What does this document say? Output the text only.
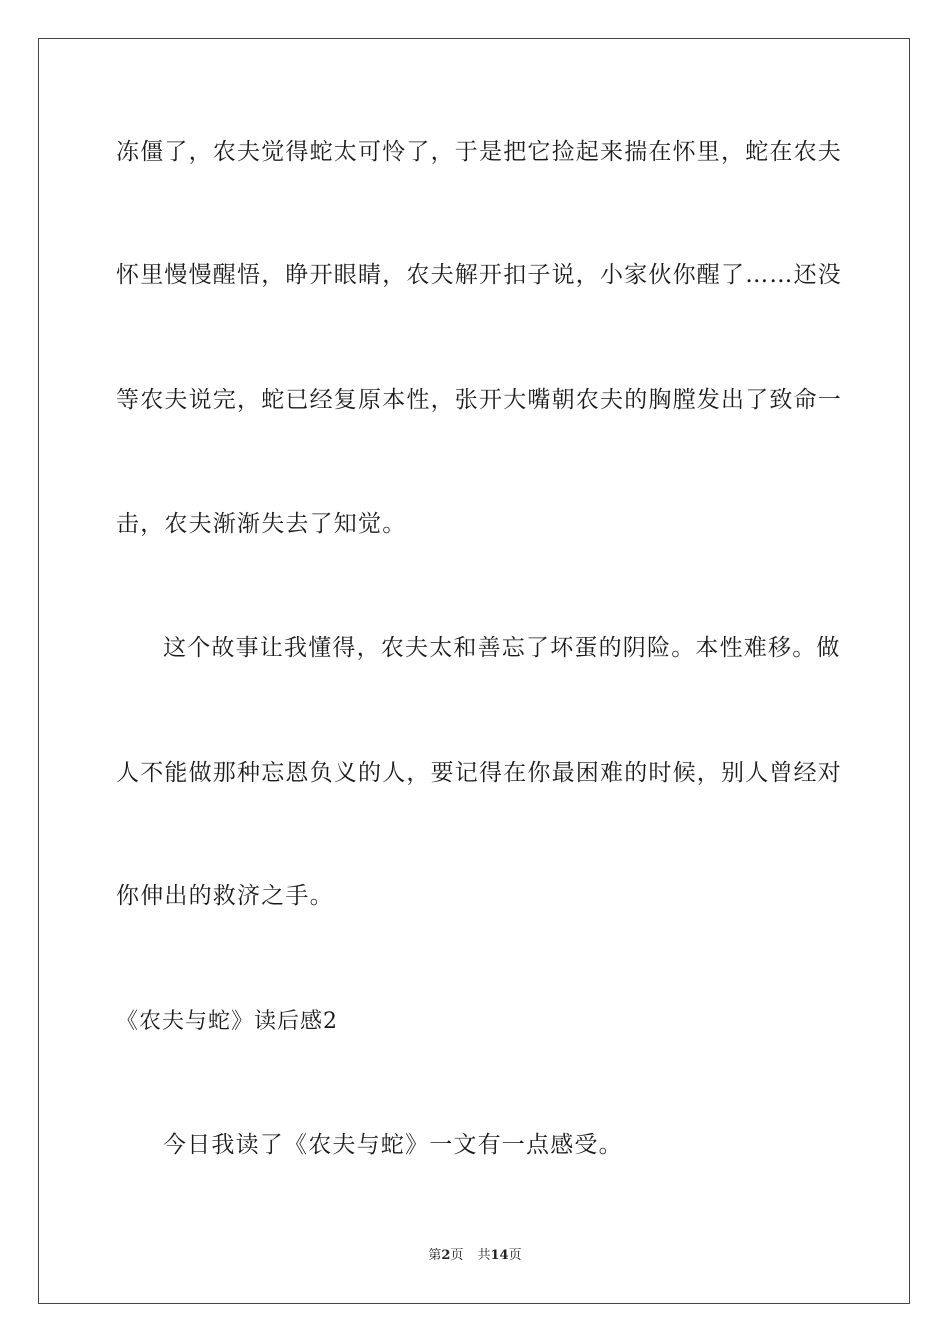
冻僵了，农夫觉得蛇太可怜了，于是把它捡起来揣在怀里，蛇在农夫
怀里慢慢醒悟，睁开眼睛，农夫解开扣子说，小家伙你醒了……还没
等农夫说完，蛇已经复原本性，张开大嘴朝农夫的胸膛发出了致命一
击，农夫渐渐失去了知觉。
这个故事让我懂得，农夫太和善忘了坏蛋的阴险。本性难移。做
人不能做那种忘恩负义的人，要记得在你最困难的时候，别人曾经对
你伸出的救济之手。
《农夫与蛇》读后感2
今日我读了《农夫与蛇》一文有一点感受。
第2页 共14页
